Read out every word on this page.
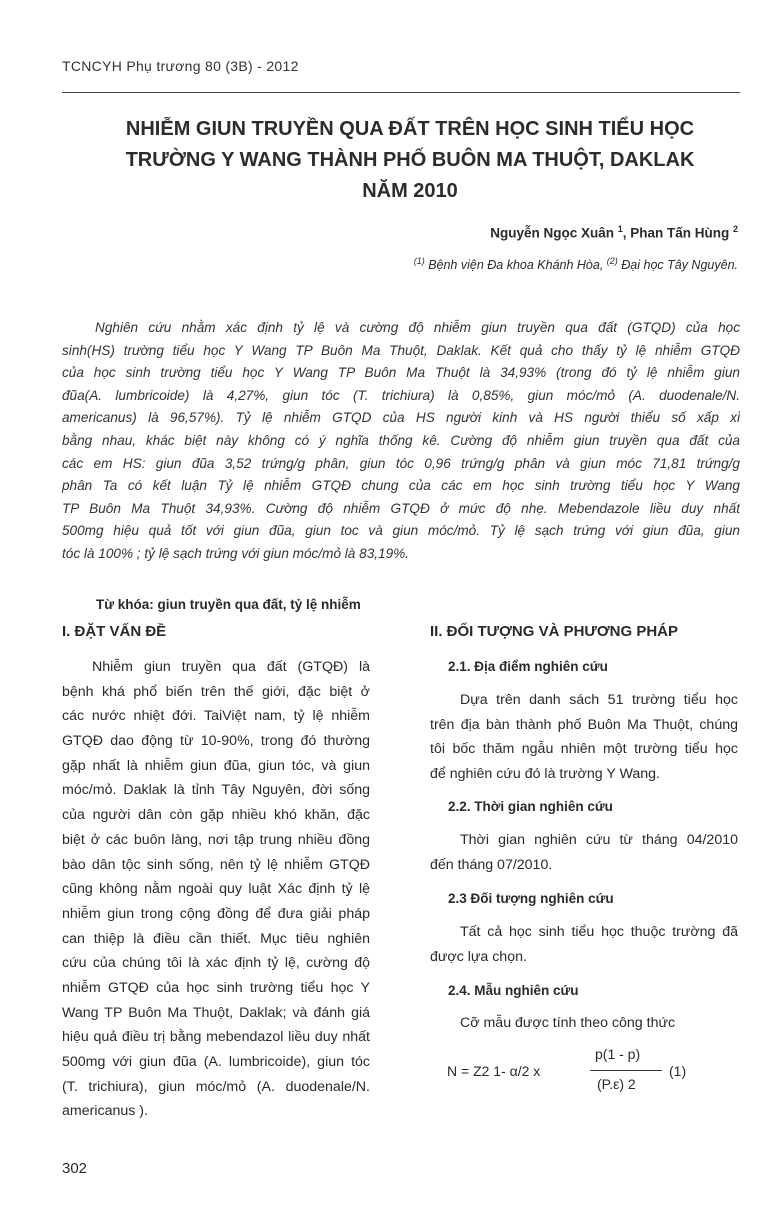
TCNCYH Phụ trương 80 (3B) - 2012
NHIỄM GIUN TRUYỀN QUA ĐẤT TRÊN HỌC SINH TIỂU HỌC
TRƯỜNG Y WANG THÀNH PHỐ BUÔN MA THUỘT, DAKLAK
NĂM 2010
Nguyễn Ngọc Xuân $^1$, Phan Tấn Hùng $^2$
$^{(1)}$ Bệnh viện Đa khoa Khánh Hòa, $^{(2)}$ Đại học Tây Nguyên.
Nghiên cứu nhằm xác định tỷ lệ và cường độ nhiễm giun truyền qua đất (GTQD) của học
sinh(HS) trường tiểu học Y Wang TP Buôn Ma Thuột, Daklak. Kết quả cho thấy tỷ lệ nhiễm GTQĐ
của học sinh trường tiểu học Y Wang TP Buôn Ma Thuột là 34,93% (trong đó tỷ lệ nhiễm giun
đũa(A. lumbricoide) là 4,27%, giun tóc (T. trichiura) là 0,85%, giun móc/mỏ (A. duodenale/N.
americanus) là 96,57%). Tỷ lệ nhiễm GTQD của HS người kinh và HS người thiểu số xấp xỉ
bằng nhau, khác biệt này không có ý nghĩa thống kê. Cường độ nhiễm giun truyền qua đất của
các em HS: giun đũa 3,52 trứng/g phân, giun tóc 0,96 trứng/g phân và giun móc 71,81 trứng/g
phân Ta có kết luận Tỷ lệ nhiễm GTQĐ chung của các em học sinh trường tiểu học Y Wang
TP Buôn Ma Thuột 34,93%. Cường độ nhiễm GTQĐ ở mức độ nhẹ. Mebendazole liều duy nhất
500mg hiệu quả tốt với giun đũa, giun toc và giun móc/mỏ. Tỷ lệ sạch trứng với giun đũa, giun
tóc là 100% ; tỷ lệ sạch trứng với giun móc/mỏ là 83,19%.
Từ khóa: giun truyền qua đất, tỷ lệ nhiễm
I. ĐẶT VẤN ĐỀ
Nhiễm giun truyền qua đất (GTQĐ) là
bệnh khá phổ biến trên thế giới, đặc biệt ở
các nước nhiệt đới. TaiViệt nam, tỷ lệ nhiễm
GTQĐ dao động từ 10-90%, trong đó thường
gặp nhất là nhiễm giun đũa, giun tóc, và giun
móc/mỏ. Daklak là tỉnh Tây Nguyên, đời sống
của người dân còn gặp nhiều khó khăn, đặc
biệt ở các buôn làng, nơi tập trung nhiều đồng
bào dân tộc sinh sống, nên tỷ lệ nhiễm GTQĐ
cũng không nằm ngoài quy luật Xác định tỷ lệ
nhiễm giun trong cộng đồng để đưa giải pháp
can thiệp là điều cần thiết. Mục tiêu nghiên
cứu của chúng tôi là xác định tỷ lệ, cường độ
nhiễm GTQĐ của học sinh trường tiểu học Y
Wang TP Buôn Ma Thuột, Daklak; và đánh giá
hiệu quả điều trị bằng mebendazol liều duy nhất
500mg với giun đũa (A. lumbricoide), giun tóc
(T. trichiura), giun móc/mỏ (A. duodenale/N.
americanus ).
II. ĐỐI TƯỢNG VÀ PHƯƠNG PHÁP
2.1. Địa điểm nghiên cứu
Dựa trên danh sách 51 trường tiểu học
trên địa bàn thành phố Buôn Ma Thuột, chúng
tôi bốc thăm ngẫu nhiên một trường tiểu học
để nghiên cứu đó là trường Y Wang.
2.2. Thời gian nghiên cứu
Thời gian nghiên cứu từ tháng 04/2010
đến tháng 07/2010.
2.3 Đối tượng nghiên cứu
Tất cả học sinh tiểu học thuộc trường đã
được lựa chọn.
2.4. Mẫu nghiên cứu
Cỡ mẫu được tính theo công thức
N = Z2 1- α/2 x
p(1 - p)
(P.ε) 2
(1)
302
